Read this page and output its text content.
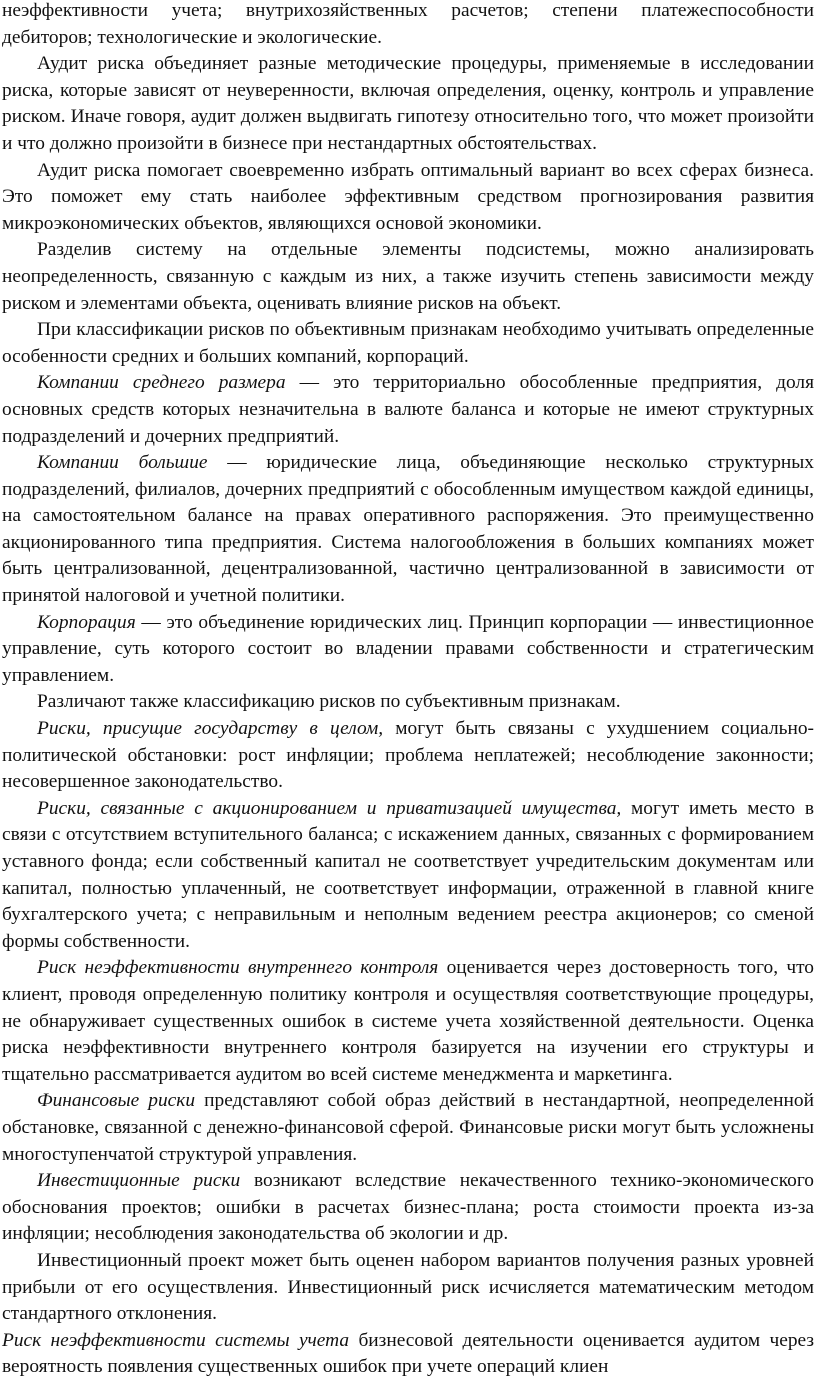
неэффективности учета; внутрихозяйственных расчетов; степени платежеспособности дебиторов; технологические и экологические.

Аудит риска объединяет разные методические процедуры, применяемые в исследовании риска, которые зависят от неуверенности, включая определения, оценку, контроль и управление риском. Иначе говоря, аудит должен выдвигать гипотезу относительно того, что может произойти и что должно произойти в бизнесе при нестандартных обстоятельствах.

Аудит риска помогает своевременно избрать оптимальный вариант во всех сферах бизнеса. Это поможет ему стать наиболее эффективным средством прогнозирования развития микроэкономических объектов, являющихся основой экономики.

Разделив систему на отдельные элементы подсистемы, можно анализировать неопределенность, связанную с каждым из них, а также изучить степень зависимости между риском и элементами объекта, оценивать влияние рисков на объект.

При классификации рисков по объективным признакам необходимо учитывать определенные особенности средних и больших компаний, корпораций.

Компании среднего размера — это территориально обособленные предприятия, доля основных средств которых незначительна в валюте баланса и которые не имеют структурных подразделений и дочерних предприятий.

Компании большие — юридические лица, объединяющие несколько структурных подразделений, филиалов, дочерних предприятий с обособленным имуществом каждой единицы, на самостоятельном балансе на правах оперативного распоряжения. Это преимущественно акционированного типа предприятия. Система налогообложения в больших компаниях может быть централизованной, децентрализованной, частично централизованной в зависимости от принятой налоговой и учетной политики.

Корпорация — это объединение юридических лиц. Принцип корпорации — инвестиционное управление, суть которого состоит во владении правами собственности и стратегическим управлением.

Различают также классификацию рисков по субъективным признакам.

Риски, присущие государству в целом, могут быть связаны с ухудшением социально-политической обстановки: рост инфляции; проблема неплатежей; несоблюдение законности; несовершенное законодательство.

Риски, связанные с акционированием и приватизацией имущества, могут иметь место в связи с отсутствием вступительного баланса; с искажением данных, связанных с формированием уставного фонда; если собственный капитал не соответствует учредительским документам или капитал, полностью уплаченный, не соответствует информации, отраженной в главной книге бухгалтерского учета; с неправильным и неполным ведением реестра акционеров; со сменой формы собственности.

Риск неэффективности внутреннего контроля оценивается через достоверность того, что клиент, проводя определенную политику контроля и осуществляя соответствующие процедуры, не обнаруживает существенных ошибок в системе учета хозяйственной деятельности. Оценка риска неэффективности внутреннего контроля базируется на изучении его структуры и тщательно рассматривается аудитом во всей системе менеджмента и маркетинга.

Финансовые риски представляют собой образ действий в нестандартной, неопределенной обстановке, связанной с денежно-финансовой сферой. Финансовые риски могут быть усложнены многоступенчатой структурой управления.

Инвестиционные риски возникают вследствие некачественного технико-экономического обоснования проектов; ошибки в расчетах бизнес-плана; роста стоимости проекта из-за инфляции; несоблюдения законодательства об экологии и др.

Инвестиционный проект может быть оценен набором вариантов получения разных уровней прибыли от его осуществления. Инвестиционный риск исчисляется математическим методом стандартного отклонения.

Риск неэффективности системы учета бизнесовой деятельности оценивается аудитом через вероятность появления существенных ошибок при учете операций клиен
